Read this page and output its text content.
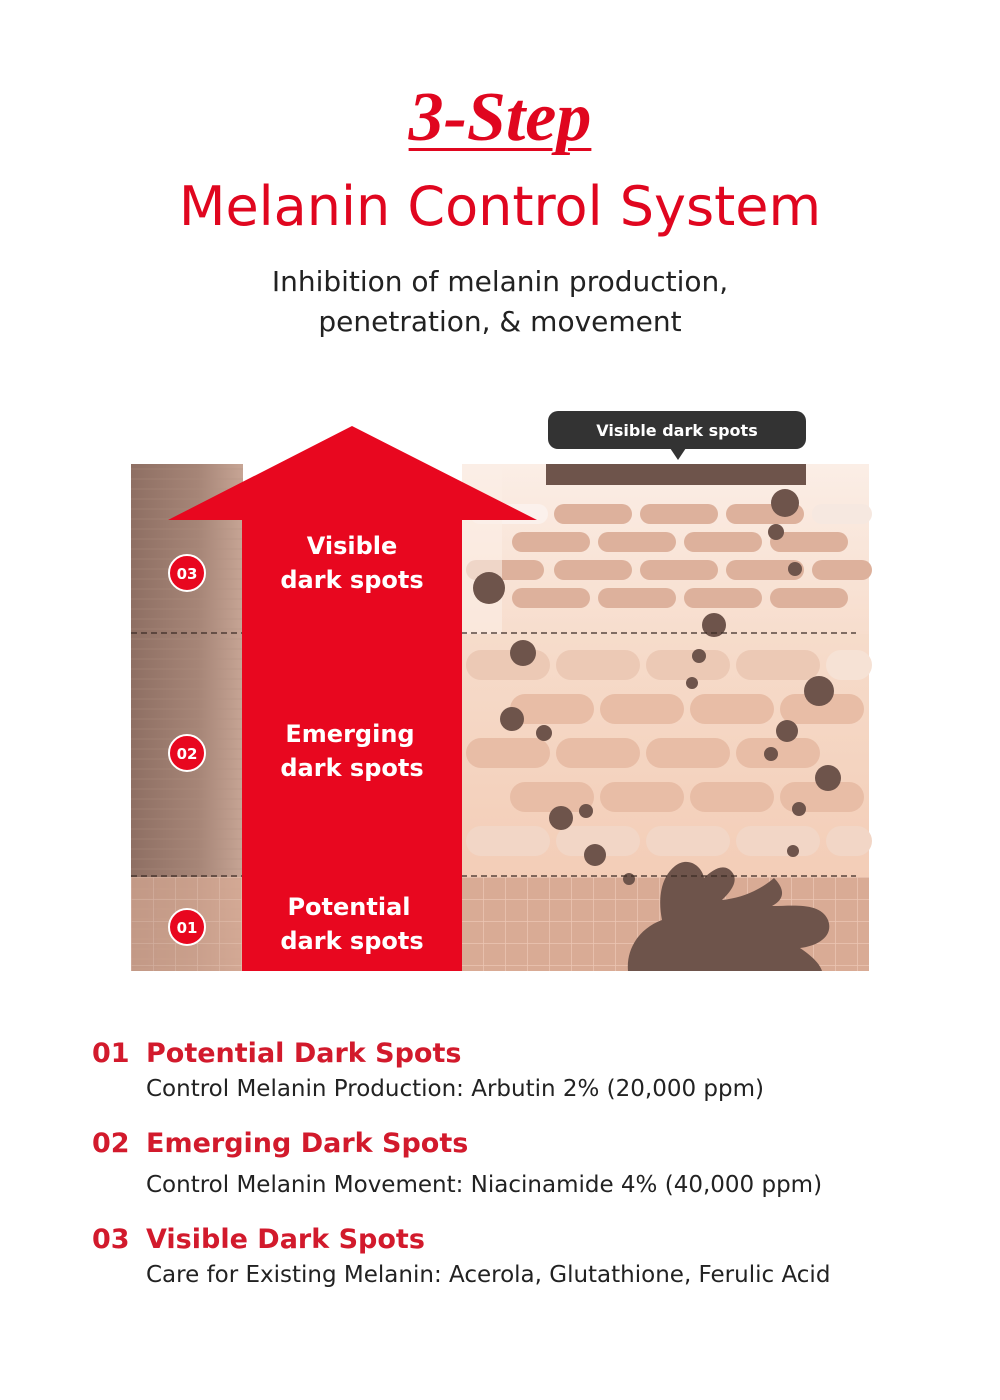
3-Step
Melanin Control System
Inhibition of melanin production,
penetration, & movement
03
02
01
Visible
dark spots
Emerging
dark spots
Potential
dark spots
Visible dark spots
01 Potential Dark Spots
Control Melanin Production: Arbutin 2% (20,000 ppm)
02 Emerging Dark Spots
Control Melanin Movement: Niacinamide 4% (40,000 ppm)
03 Visible Dark Spots
Care for Existing Melanin: Acerola, Glutathione, Ferulic Acid
